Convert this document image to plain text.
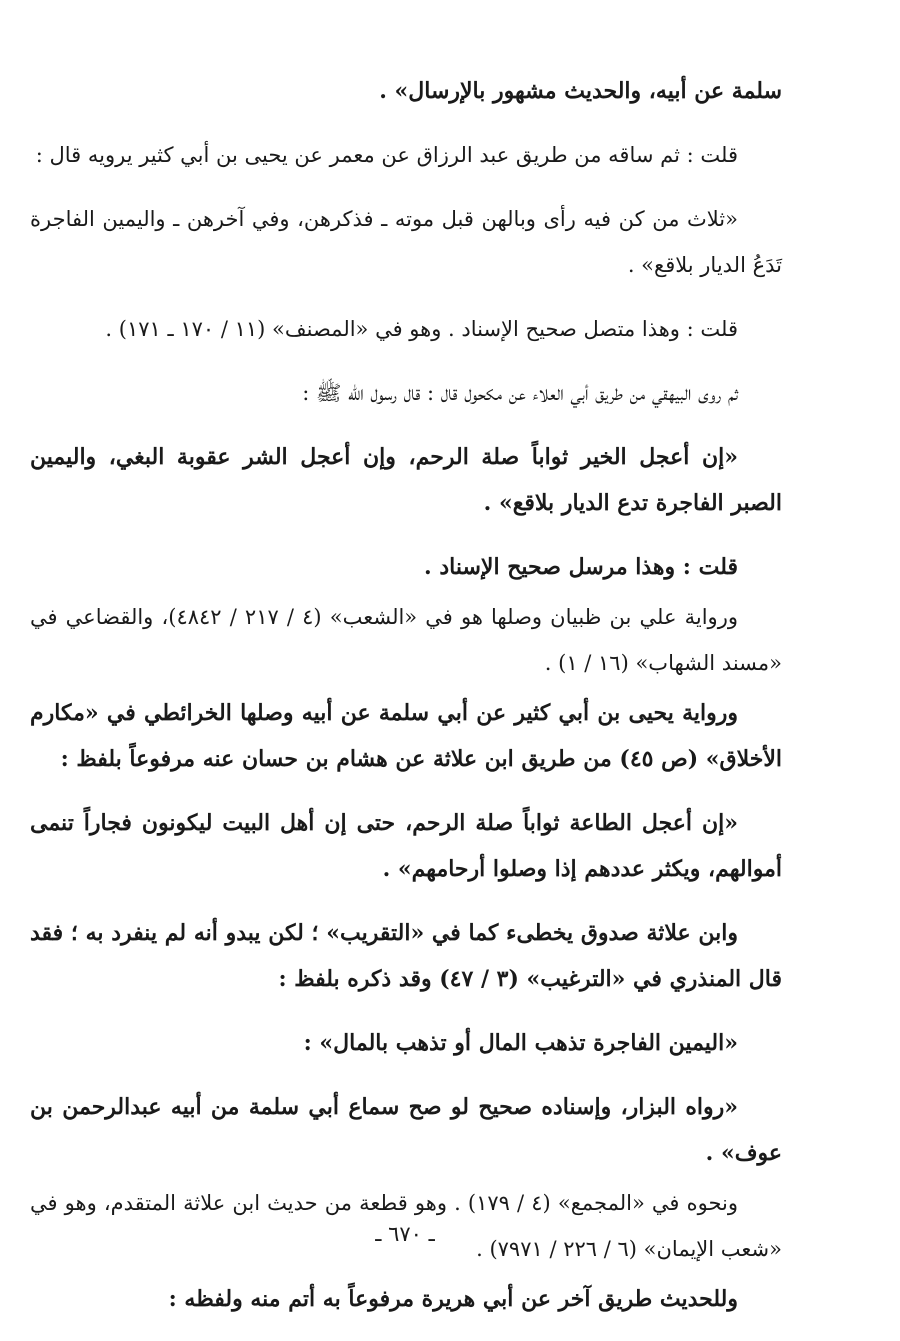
سلمة عن أبيه، والحديث مشهور بالإرسال» .

قلت : ثم ساقه من طريق عبد الرزاق عن معمر عن يحيى بن أبي كثير يرويه قال :

«ثلاث من كن فيه رأى وبالهن قبل موته ـ فذكرهن، وفي آخرهن ـ واليمين الفاجرة تَدَعُ الديار بلاقع» .

قلت : وهذا متصل صحيح الإسناد . وهو في «المصنف» (١١ / ١٧٠ ـ ١٧١) .

ثم روى البيهقي من طريق أبي العلاء عن مكحول قال : قال رسول الله ﷺ :

«إن أعجل الخير ثواباً صلة الرحم، وإن أعجل الشر عقوبة البغي، واليمين الصبر الفاجرة تدع الديار بلاقع» .

قلت : وهذا مرسل صحيح الإسناد .

ورواية علي بن ظبيان وصلها هو في «الشعب» (٤ / ٢١٧ / ٤٨٤٢)، والقضاعي في «مسند الشهاب» (١٦ / ١) .

ورواية يحيى بن أبي كثير عن أبي سلمة عن أبيه وصلها الخرائطي في «مكارم الأخلاق» (ص ٤٥) من طريق ابن علاثة عن هشام بن حسان عنه مرفوعاً بلفظ :

«إن أعجل الطاعة ثواباً صلة الرحم، حتى إن أهل البيت ليكونون فجاراً تنمى أموالهم، ويكثر عددهم إذا وصلوا أرحامهم» .

وابن علاثة صدوق يخطىء كما في «التقريب» ؛ لكن يبدو أنه لم ينفرد به ؛ فقد قال المنذري في «الترغيب» (٣ / ٤٧) وقد ذكره بلفظ :

«اليمين الفاجرة تذهب المال أو تذهب بالمال» :

«رواه البزار، وإسناده صحيح لو صح سماع أبي سلمة من أبيه عبدالرحمن بن عوف» .

ونحوه في «المجمع» (٤ / ١٧٩) . وهو قطعة من حديث ابن علاثة المتقدم، وهو في «شعب الإيمان» (٦ / ٢٢٦ / ٧٩٧١) .

وللحديث طريق آخر عن أبي هريرة مرفوعاً به أتم منه ولفظه :

ـ ٦٧٠ ـ
